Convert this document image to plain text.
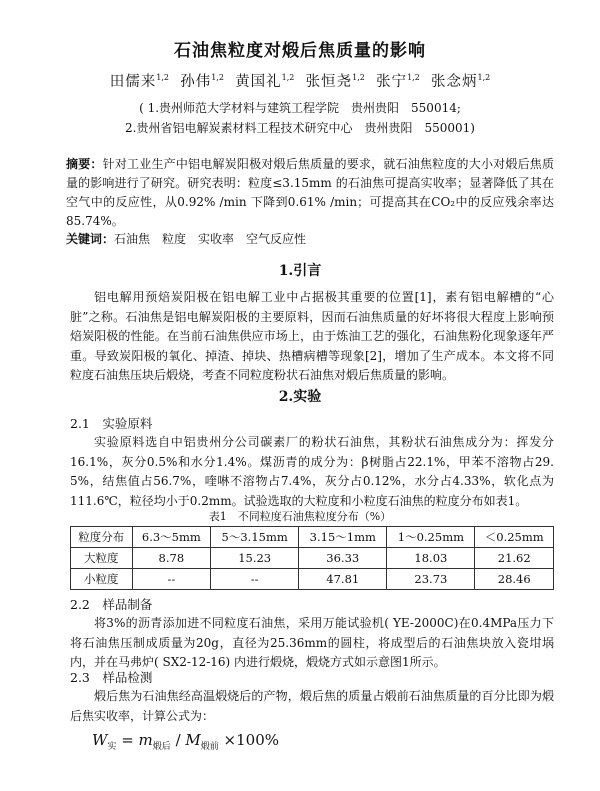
石油焦粒度对煅后焦质量的影响
田儒来$^{1,2}$ 孙伟$^{1,2}$ 黄国礼$^{1,2}$ 张恒尧$^{1,2}$ 张宁$^{1,2}$ 张念炳$^{1,2}$
( 1.贵州师范大学材料与建筑工程学院　贵州贵阳　550014;
2.贵州省铝电解炭素材料工程技术研究中心　贵州贵阳　550001)
摘要：针对工业生产中铝电解炭阳极对煅后焦质量的要求，就石油焦粒度的大小对煅后焦质量的影响进行了研究。研究表明：粒度≤3.15mm 的石油焦可提高实收率；显著降低了其在空气中的反应性，从0.92% /min 下降到0.61% /min；可提高其在CO₂中的反应残余率达85.74%。
关键词：石油焦　粒度　实收率　空气反应性
1.引言
铝电解用预焙炭阳极在铝电解工业中占据极其重要的位置[1]，素有铝电解槽的“心脏”之称。石油焦是铝电解炭阳极的主要原料，因而石油焦质量的好坏将很大程度上影响预焙炭阳极的性能。在当前石油焦供应市场上，由于炼油工艺的强化，石油焦粉化现象逐年严重。导致炭阳极的氧化、掉渣、掉块、热槽病槽等现象[2]，增加了生产成本。本文将不同粒度石油焦压块后煅烧，考查不同粒度粉状石油焦对煅后焦质量的影响。
2.实验
2.1　实验原料
实验原料选自中铝贵州分公司碳素厂的粉状石油焦，其粉状石油焦成分为：挥发分16.1%，灰分0.5%和水分1.4%。煤沥青的成分为：β树脂占22.1%，甲苯不溶物占29. 5%，结焦值占56.7%，喹啉不溶物占7.4%，灰分占0.12%，水分占4.33%，软化点为111.6℃，粒径均小于0.2mm。试验选取的大粒度和小粒度石油焦的粒度分布如表1。
表1　不同粒度石油焦粒度分布（%）
粒度分布	6.3～5mm	5～3.15mm	3.15～1mm	1～0.25mm	＜0.25mm
大粒度	8.78	15.23	36.33	18.03	21.62
小粒度	--	--	47.81	23.73	28.46
2.2　样品制备
将3%的沥青添加进不同粒度石油焦，采用万能试验机( YE-2000C)在0.4MPa压力下将石油焦压制成质量为20g，直径为25.36mm的圆柱，将成型后的石油焦块放入瓷坩埚内，并在马弗炉( SX2-12-16) 内进行煅烧，煅烧方式如示意图1所示。
2.3　样品检测
煅后焦为石油焦经高温煅烧后的产物，煅后焦的质量占煅前石油焦质量的百分比即为煅后焦实收率，计算公式为：
$W_实 = m_{煅后} / M_{煅前} \times 100\%$
